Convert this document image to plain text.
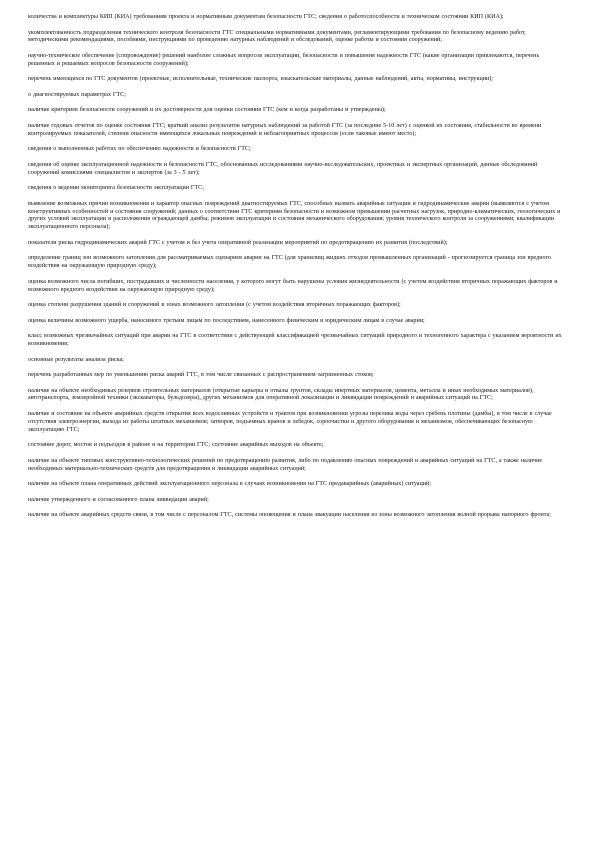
количества и комплектуры КИП (КИА) требованиям проекта и нормативным документам безопасности ГТС; сведения о работоспособности и техническом состоянии КИП (КИА);

укомплектованность подразделения технического контроля безопасности ГТС специальными нормативными документами, регламентирующими требования по безопасному ведению работ, методическими рекомендациями, пособиями, инструкциями по проведению натурных наблюдений и обследований, оценке работы и состояния сооружений;

научно-техническое обеспечение (сопровождение) решений наиболее сложных вопросов эксплуатации, безопасности и повышения надежности ГТС (какие организации привлекаются, перечень решенных и решаемых вопросов безопасности сооружений);

перечень имеющихся по ГТС документов (проектные, исполнительные, технические паспорта, изыскательские материалы, данные наблюдений, акты, нормативы, инструкции);

о диагностируемых параметрах ГТС;

наличие критериев безопасности сооружений и их достоверности для оценки состояния ГТС (кем и когда разработаны и утверждены);

наличие годовых отчетов по оценке состояния ГТС; краткий анализ результатов натурных наблюдений за работой ГТС (за последние 5-10 лет) с оценкой их состояния, стабильности во времени контролируемых показателей, степени опасности имеющихся локальных повреждений и неблагоприятных процессов (если таковые имеют место);

сведения о выполненных работах по обеспечению надежности и безопасности ГТС;

сведения об оценке эксплуатационной надежности и безопасности ГТС, обоснованных исследованиями научно-исследовательских, проектных и экспертных организаций, данные обследований сооружений комиссиями специалистов и экспертов (за 3 - 5 лет);

сведения о ведении мониторинга безопасности эксплуатации ГТС;

выявление возможных причин возникновения и характер опасных повреждений диагностируемых ГТС, способных вызвать аварийные ситуации и гидродинамические аварии (выявляются с учетом конструктивных особенностей и состояния сооружений; данных о соответствии ГТС критериям безопасности и возможном превышении расчетных нагрузок, природно-климатических, геологических и других условий эксплуатации и расположения ограждающей дамбы; режимов эксплуатации и состояния механического оборудования; уровня технического контроля за сооружениями; квалификации эксплуатационного персонала);

показатели риска гидродинамических аварий ГТС с учетом и без учета оперативной реализации мероприятий по предотвращению их развития (последствий);

определение границ зон возможного затопления для рассматриваемых сценариев аварии на ГТС (для хранилищ жидких отходов промышленных организаций - прогнозируется граница зон вредного воздействия на окружающую природную среду);

оценка возможного числа погибших, пострадавших и численности населения, у которого могут быть нарушены условия жизнедеятельности (с учетом воздействия вторичных поражающих факторов и возможного вредного воздействия на окружающую природную среду);

оценка степени разрушения зданий и сооружений в зонах возможного затопления (с учетом воздействия вторичных поражающих факторов);

оценка величины возможного ущерба, наносимого третьим лицам по последствиям, нанесенного физическим и юридическим лицам в случае аварии;

класс возможных чрезвычайных ситуаций при аварии на ГТС в соответствии с действующей классификацией чрезвычайных ситуаций природного и техногенного характера с указанием вероятности их возникновения;

основные результаты анализа риска;

перечень разработанных мер по уменьшению риска аварий ГТС, в том числе связанных с распространением загрязненных стоков;

наличие на объекте необходимых резервов строительных материалов (открытые карьеры и отвалы грунтов, склады инертных материалов, цемента, металла и иных необходимых материалов), автотранспорта, землеройной техники (экскаваторы, бульдозеры), других механизмов для оперативной локализации и ликвидации повреждений и аварийных ситуаций на ГТС;

наличие и состояние на объекте аварийных средств открытия всех водосливных устройств и трактов при возникновении угрозы перелива воды через гребень плотины (дамбы), в том числе в случае отсутствия электроэнергии, выхода из работы штатных механизмов; затворов, подъемных кранов и лебедок, сороочистки и другого оборудования и механизмов, обеспечивающих безопасную эксплуатацию ГТС;

состояние дорог, мостов и подъездов в районе и на территории ГТС; состояние аварийных выходов на объекте;

наличие на объекте типовых конструктивно-технологических решений по предотвращению развития, либо по подавлению опасных повреждений и аварийных ситуаций на ГТС, а также наличие необходимых материально-технических средств для предотвращения и ликвидации аварийных ситуаций;

наличие на объекте плана оперативных действий эксплуатационного персонала в случаях возникновения на ГТС предаварийных (аварийных) ситуаций;

наличие утвержденного и согласованного плана ликвидации аварий;

наличие на объекте аварийных средств связи, в том числе с персоналом ГТС, системы оповещения и плана эвакуации населения из зоны возможного затопления волной прорыва напорного фронта;
